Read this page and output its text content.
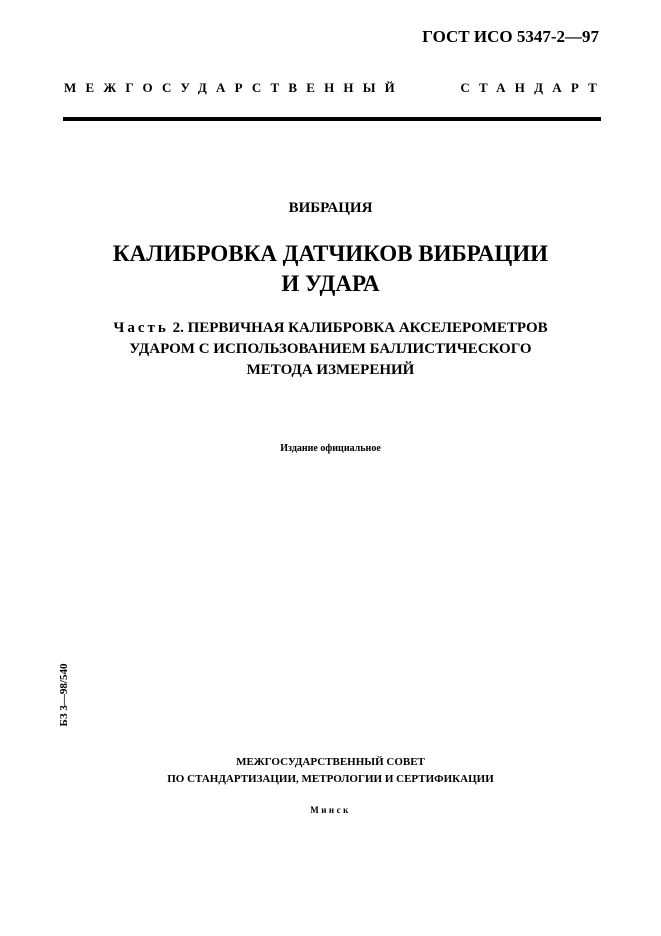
ГОСТ ИСО 5347-2—97
МЕЖГОСУДАРСТВЕННЫЙ	СТАНДАРТ
ВИБРАЦИЯ
КАЛИБРОВКА ДАТЧИКОВ ВИБРАЦИИ
И УДАРА
Часть 2. ПЕРВИЧНАЯ КАЛИБРОВКА АКСЕЛЕРОМЕТРОВ
УДАРОМ С ИСПОЛЬЗОВАНИЕМ БАЛЛИСТИЧЕСКОГО
МЕТОДА ИЗМЕРЕНИЙ
Издание официальное
БЗ 3—98/540
МЕЖГОСУДАРСТВЕННЫЙ СОВЕТ
ПО СТАНДАРТИЗАЦИИ, МЕТРОЛОГИИ И СЕРТИФИКАЦИИ
Минск
